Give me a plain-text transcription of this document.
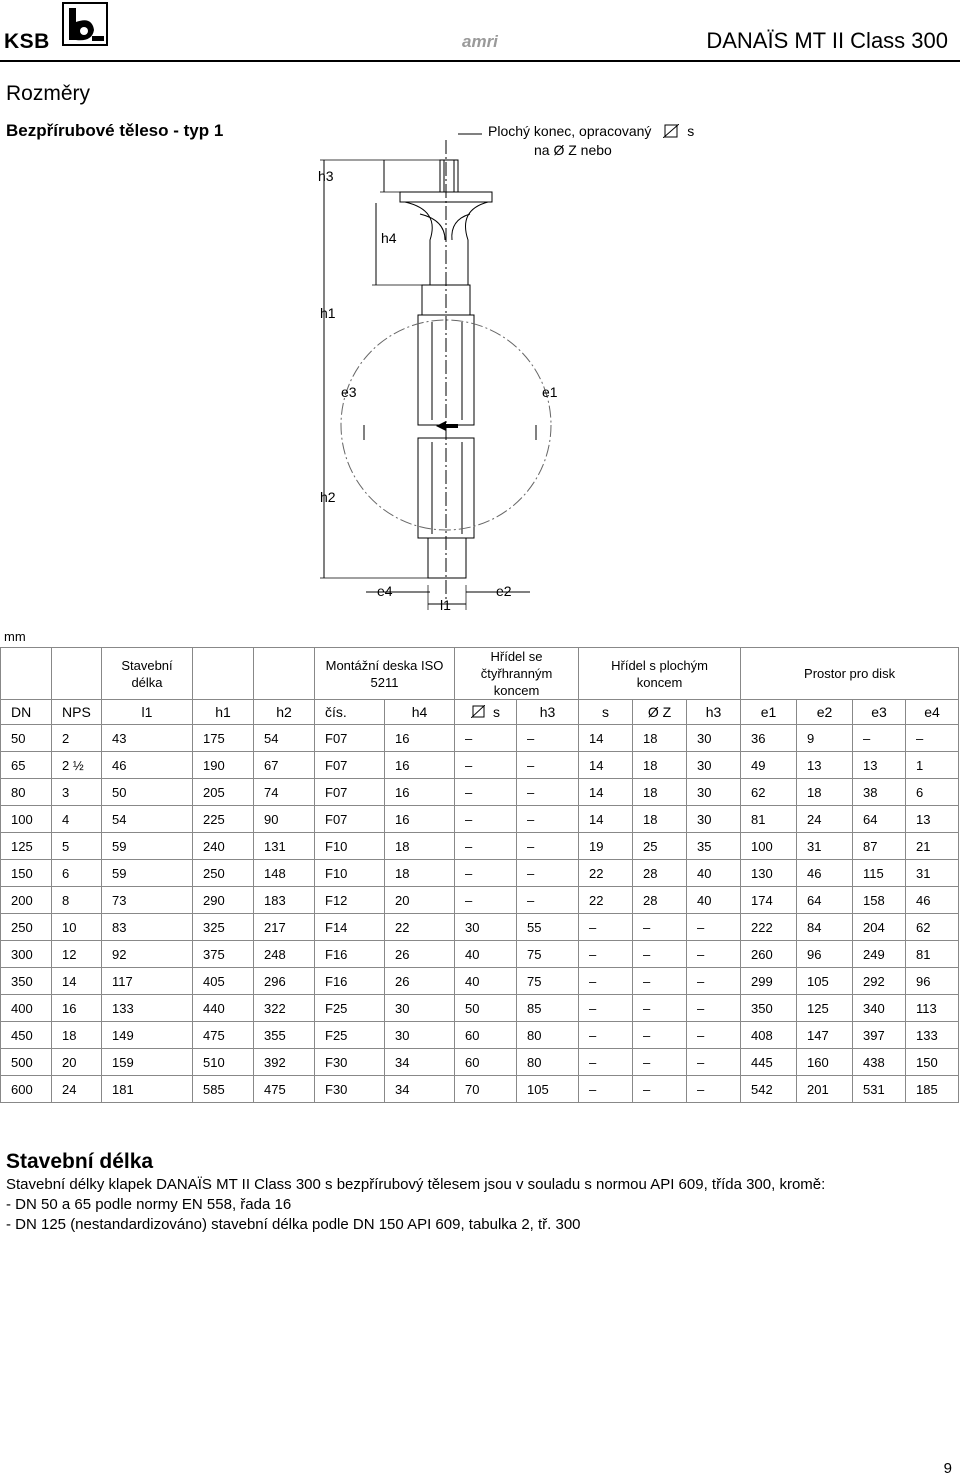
KSB	amri	DANAÏS MT II Class 300
Rozměry
Bezpřírubové těleso - typ 1	Plochý konec, opracovaný	s
na Ø Z nebo
h3
h4
h1
e3	e1
h2
e4
l1
e2
mm
		Stavební délka			Montážní deska ISO 5211		Hřídel se čtyřhranným koncem		Hřídel s plochým koncem			Prostor pro disk			
DN	NPS	l1	h1	h2	čís.	h4	s	h3	s	Ø Z	h3	e1	e2	e3	e4
50	2	43	175	54	F07	16	–	–	14	18	30	36	9	–	–
65	2 ½	46	190	67	F07	16	–	–	14	18	30	49	13	13	1
80	3	50	205	74	F07	16	–	–	14	18	30	62	18	38	6
100	4	54	225	90	F07	16	–	–	14	18	30	81	24	64	13
125	5	59	240	131	F10	18	–	–	19	25	35	100	31	87	21
150	6	59	250	148	F10	18	–	–	22	28	40	130	46	115	31
200	8	73	290	183	F12	20	–	–	22	28	40	174	64	158	46
250	10	83	325	217	F14	22	30	55	–	–	–	222	84	204	62
300	12	92	375	248	F16	26	40	75	–	–	–	260	96	249	81
350	14	117	405	296	F16	26	40	75	–	–	–	299	105	292	96
400	16	133	440	322	F25	30	50	85	–	–	–	350	125	340	113
450	18	149	475	355	F25	30	60	80	–	–	–	408	147	397	133
500	20	159	510	392	F30	34	60	80	–	–	–	445	160	438	150
600	24	181	585	475	F30	34	70	105	–	–	–	542	201	531	185
Stavební délka
Stavební délky klapek DANAÏS MT II Class 300 s bezpřírubový tělesem jsou v souladu s normou API 609, třída 300, kromě:
- DN 50 a 65 podle normy EN 558, řada 16
- DN 125 (nestandardizováno) stavební délka podle DN 150 API 609, tabulka 2, tř. 300
9
